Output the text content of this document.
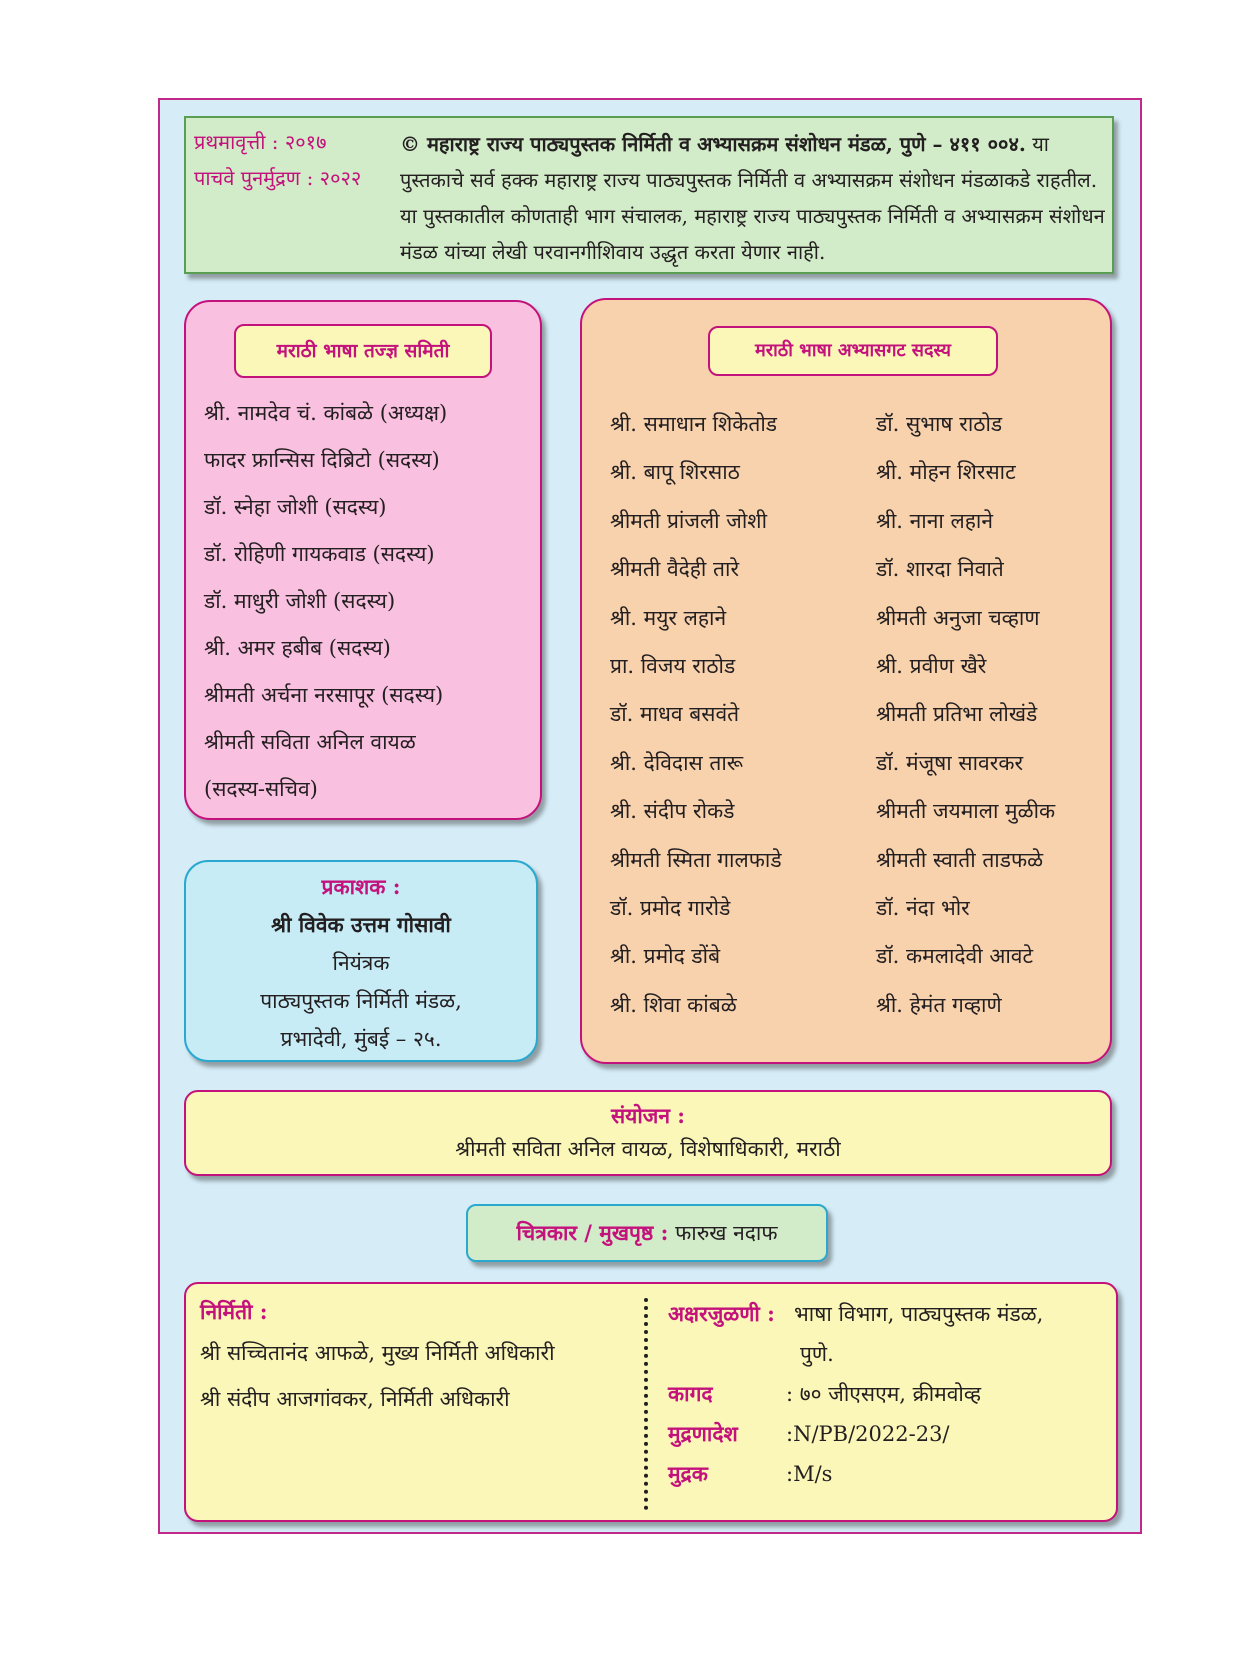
प्रथमावृत्ती : २०१७
पाचवे पुनर्मुद्रण : २०२२
© महाराष्ट्र राज्य पाठ्यपुस्तक निर्मिती व अभ्यासक्रम संशोधन मंडळ, पुणे – ४११ ००४. या पुस्तकाचे सर्व हक्क महाराष्ट्र राज्य पाठ्यपुस्तक निर्मिती व अभ्यासक्रम संशोधन मंडळाकडे राहतील. या पुस्तकातील कोणताही भाग संचालक, महाराष्ट्र राज्य पाठ्यपुस्तक निर्मिती व अभ्यासक्रम संशोधन मंडळ यांच्या लेखी परवानगीशिवाय उद्धृत करता येणार नाही.
मराठी भाषा तज्ज्ञ समिती
श्री. नामदेव चं. कांबळे (अध्यक्ष)
फादर फ्रान्सिस दिब्रिटो (सदस्य)
डॉ. स्नेहा जोशी (सदस्य)
डॉ. रोहिणी गायकवाड (सदस्य)
डॉ. माधुरी जोशी (सदस्य)
श्री. अमर हबीब (सदस्य)
श्रीमती अर्चना नरसापूर (सदस्य)
श्रीमती सविता अनिल वायळ
(सदस्य-सचिव)
प्रकाशक :
श्री विवेक उत्तम गोसावी
नियंत्रक
पाठ्यपुस्तक निर्मिती मंडळ,
प्रभादेवी, मुंबई – २५.
मराठी भाषा अभ्यासगट सदस्य
श्री. समाधान शिकेतोड
श्री. बापू शिरसाठ
श्रीमती प्रांजली जोशी
श्रीमती वैदेही तारे
श्री. मयुर लहाने
प्रा. विजय राठोड
डॉ. माधव बसवंते
श्री. देविदास तारू
श्री. संदीप रोकडे
श्रीमती स्मिता गालफाडे
डॉ. प्रमोद गारोडे
श्री. प्रमोद डोंबे
श्री. शिवा कांबळे
डॉ. सुभाष राठोड
श्री. मोहन शिरसाट
श्री. नाना लहाने
डॉ. शारदा निवाते
श्रीमती अनुजा चव्हाण
श्री. प्रवीण खैरे
श्रीमती प्रतिभा लोखंडे
डॉ. मंजूषा सावरकर
श्रीमती जयमाला मुळीक
श्रीमती स्वाती ताडफळे
डॉ. नंदा भोर
डॉ. कमलादेवी आवटे
श्री. हेमंत गव्हाणे
संयोजन :
श्रीमती सविता अनिल वायळ, विशेषाधिकारी, मराठी
चित्रकार / मुखपृष्ठ : फारुख नदाफ
निर्मिती :
श्री सच्चितानंद आफळे, मुख्य निर्मिती अधिकारी
श्री संदीप आजगांवकर, निर्मिती अधिकारी
अक्षरजुळणी : भाषा विभाग, पाठ्यपुस्तक मंडळ,
पुणे.
कागद	: ७० जीएसएम, क्रीमवोव्ह
मुद्रणादेश :N/PB/2022-23/
मुद्रक	:M/s
